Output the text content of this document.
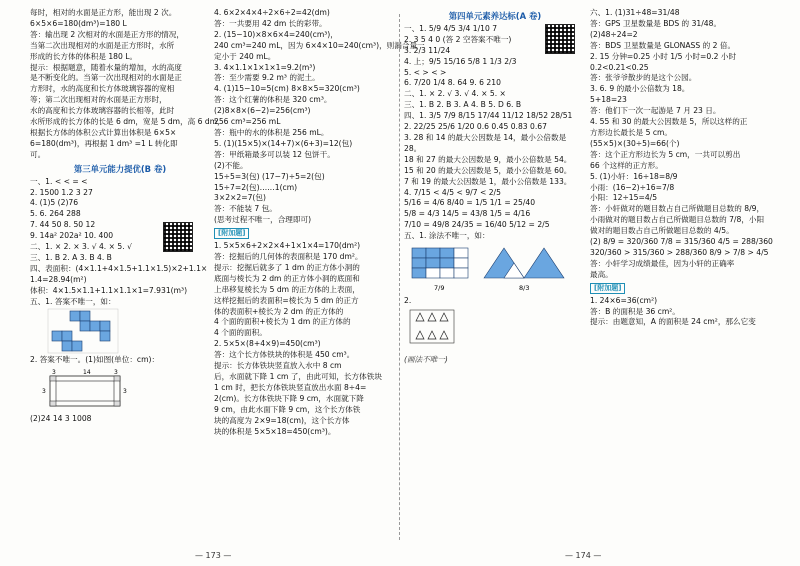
每时，相对的水面是正方形，能出现 2 次。
6×5×6=180(dm³)=180 L
答：输出现 2 次相对的水面是正方形的情况，
当第二次出现相对的水面是正方形时，水所
形成的长方体的体积是 180 L。
提示：根据题意，随着水量的增加，水的高度
是不断变化的。当第一次出现相对的水面是正
方形时，水的高度和长方体玻璃容器的宽相
等；第二次出现相对的水面是正方形时，
水的高度和长方体玻璃容器的长相等，此时
水所形成的长方体的长是 6 dm，宽是 5 dm，高 6 dm，
根据长方体的体积公式计算出体积是 6×5×
6=180(dm³)，再根据 1 dm³ =1 L 转化即
可。
第三单元能力提优(B 卷)
一、1. < < = <
2. 1500 1.2 3 27
4. (1)5 (2)76
5. 6. 264 288
7. 44 50 8. 50 12
9. 14a² 202a² 10. 400
二、1. × 2. × 3. √ 4. × 5. √
三、1. B 2. A 3. B 4. B
四、表面积：(4×1.1+4×1.5+1.1×1.5)×2+1.1×
1.4=28.94(m²)
体积：4×1.5×1.1+1.1×1.1×1=7.931(m³)
五、1. 答案不唯一，如：
2. 答案不唯一。(1)如图(单位：cm)：
3	14	3
3	3
(2)24 14 3 1008
4. 6×2×4×4÷2×6÷2=42(dm)
答：一共要用 42 dm 长的彩带。
2. (15−10)×8×6×4=240(cm³)，
240 cm³=240 mL，因为 6×4×10=240(cm³)，则漏合量一
定小于 240 mL。
3. 4×1.1×1×1×1=9.2(m³)
答：至少需要 9.2 m³ 的泥土。
4. (1)15−10=5(cm) 8×8×5=320(cm³)
答：这个红薯的体积是 320 cm³。
(2)8×8×(6−2)=256(cm³)
256 cm³=256 mL
答：瓶中的水的体积是 256 mL。
5. (1)(15×5)×(14+7)×(6+3)=12(包)
答：甲纸箱最多可以装 12 包饼干。
(2)不能。
15÷5=3(包) (17−7)÷5=2(包)
15÷7=2(包)……1(cm)
3×2×2=7(包)
答：不能装 7 包。
(思考过程不唯一，合理即可)
[附加题]
1. 5×5×6+2×2×4+1×1×4=170(dm²)
答：挖掘后的几何体的表面积是 170 dm²。
提示：挖掘后就多了 1 dm 的正方体小洞的
底面与棱长为 2 dm 的正方体小洞的底面和
上串移复棱长为 5 dm 的正方体的上表面，
这样挖掘后的表面积=棱长为 5 dm 的正方
体的表面积+棱长为 2 dm 的正方体的
4 个面的面积+棱长为 1 dm 的正方体的
4 个面的面积。
2. 5×5×(8+4×9)=450(cm³)
答：这个长方体铁块的体积是 450 cm³。
提示：长方体铁块竖直放入水中 8 cm
后，水面就下降 1 cm 了，由此可知，长方体铁块
1 cm 时，把长方体铁块竖直放出水面 8÷4=
2(cm)。长方体铁块下降 9 cm，水面就下降
9 cm，由此水面下降 9 cm，这个长方体铁
块的高度为 2×9=18(cm)，这个长方体
块的体积是 5×5×18=450(cm³)。
第四单元素养达标(A 卷)
一、1. 5/9 4/5 3/4 1/10 7
2. 3 5 4 0 (答 2 空答案不唯一)
3. 2/3 11/24
4. 上；9/5 15/16 5/8 1 1/3 2/3
5. < > < >
6. 7/20 1/4 8. 64 9. 6 210
二、1. × 2. √ 3. √ 4. × 5. ×
三、1. B 2. B 3. A 4. B 5. D 6. B
四、1. 3/5 7/9 8/15 17/44 11/12 18/52 28/51
2. 22/25 25/6 1/20 0.6 0.45 0.83 0.67
3. 28 和 14 的最大公因数是 14，最小公倍数是
28。
18 和 27 的最大公因数是 9，最小公倍数是 54。
15 和 20 的最大公因数是 5，最小公倍数是 60。
7 和 19 的最大公因数是 1，最小公倍数是 133。
4. 7/15 < 4/5 < 9/7 < 2/5
5/16 = 4/6 8/40 = 1/5 1/1 = 25/40
5/8 = 4/3 14/5 = 43/8 1/5 = 4/16
7/10 = 49/8 24/35 = 16/40 5/12 = 2/5
五、1. 涂法不唯一，如：
7/9	8/3
2.
(画法不唯一)
六、1. (1)31÷48=31/48
答：GPS 卫星数量是 BDS 的 31/48。
(2)48÷24=2
答：BDS 卫星数量是 GLONASS 的 2 倍。
2. 15 分钟=0.25 小时 1/5 小时=0.2 小时
0.2<0.21<0.25
答：张爷爷散步的是这个公园。
3. 6. 9 的最小公倍数为 18。
5+18=23
答：他们下一次一起游是 7 月 23 日。
4. 55 和 30 的最大公因数是 5，所以这样的正
方形边长最长是 5 cm。
(55×5)×(30÷5)=66(个)
答：这个正方形边长为 5 cm，一共可以剪出
66 个这样的正方形。
5. (1)小轩：16÷18=8/9
小雨：(16−2)÷16=7/8
小阳：12÷15=4/5
答：小轩做对的题目数占自己所做题目总数的 8/9，
小雨做对的题目数占自己所做题目总数的 7/8，小阳
做对的题目数占自己所做题目总数的 4/5。
(2) 8/9 = 320/360 7/8 = 315/360 4/5 = 288/360
320/360 > 315/360 > 288/360 8/9 > 7/8 > 4/5
答：小轩学习成绩最佳，因为小轩的正确率
最高。
[附加题]
1. 24×6=36(cm²)
答：B 的面积是 36 cm²。
提示：由题意知，A 的面积是 24 cm²，那么它变
— 173 —	— 174 —
